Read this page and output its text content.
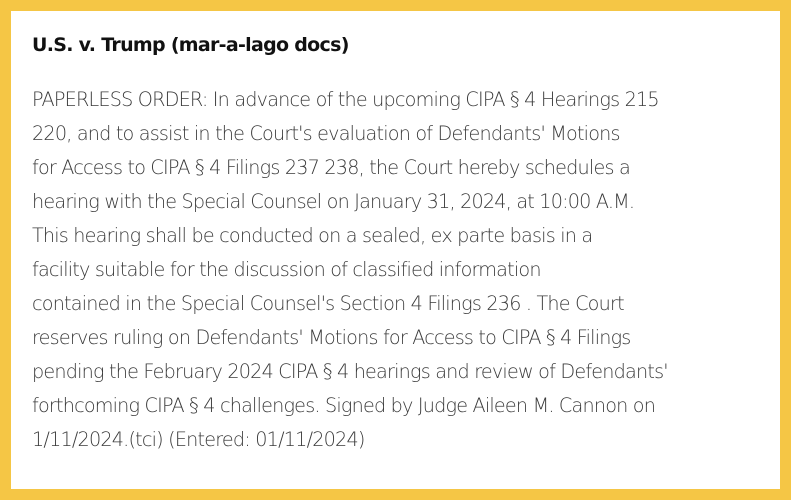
U.S. v. Trump (mar-a-lago docs)

PAPERLESS ORDER: In advance of the upcoming CIPA § 4 Hearings 215
220, and to assist in the Court's evaluation of Defendants' Motions
for Access to CIPA § 4 Filings 237 238, the Court hereby schedules a
hearing with the Special Counsel on January 31, 2024, at 10:00 A.M.
This hearing shall be conducted on a sealed, ex parte basis in a
facility suitable for the discussion of classified information
contained in the Special Counsel's Section 4 Filings 236 . The Court
reserves ruling on Defendants' Motions for Access to CIPA § 4 Filings
pending the February 2024 CIPA § 4 hearings and review of Defendants'
forthcoming CIPA § 4 challenges. Signed by Judge Aileen M. Cannon on
1/11/2024.(tci) (Entered: 01/11/2024)
